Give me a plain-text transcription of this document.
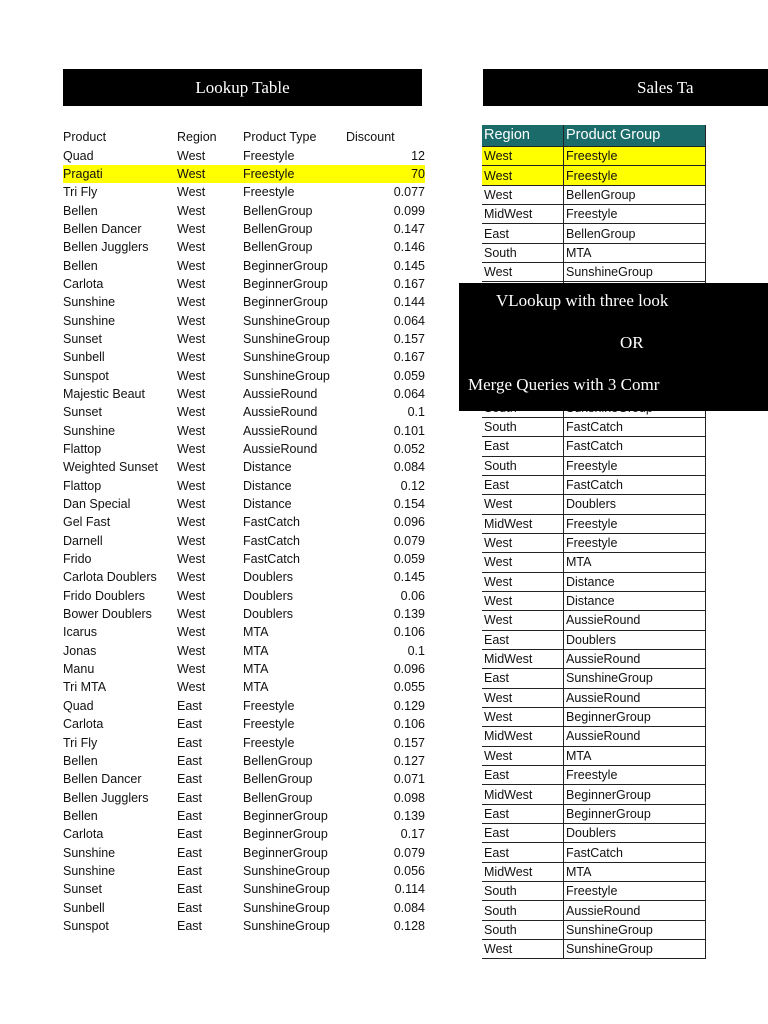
Lookup Table	Sales Ta
Product	Region	Product Type	Discount
Quad	West	Freestyle	12
Pragati	West	Freestyle	70
Tri Fly	West	Freestyle	0.077
Bellen	West	BellenGroup	0.099
Bellen Dancer	West	BellenGroup	0.147
Bellen Jugglers	West	BellenGroup	0.146
Bellen	West	BeginnerGroup	0.145
Carlota	West	BeginnerGroup	0.167
Sunshine	West	BeginnerGroup	0.144
Sunshine	West	SunshineGroup	0.064
Sunset	West	SunshineGroup	0.157
Sunbell	West	SunshineGroup	0.167
Sunspot	West	SunshineGroup	0.059
Majestic Beaut	West	AussieRound	0.064
Sunset	West	AussieRound	0.1
Sunshine	West	AussieRound	0.101
Flattop	West	AussieRound	0.052
Weighted Sunset	West	Distance	0.084
Flattop	West	Distance	0.12
Dan Special	West	Distance	0.154
Gel Fast	West	FastCatch	0.096
Darnell	West	FastCatch	0.079
Frido	West	FastCatch	0.059
Carlota Doublers	West	Doublers	0.145
Frido Doublers	West	Doublers	0.06
Bower Doublers	West	Doublers	0.139
Icarus	West	MTA	0.106
Jonas	West	MTA	0.1
Manu	West	MTA	0.096
Tri MTA	West	MTA	0.055
Quad	East	Freestyle	0.129
Carlota	East	Freestyle	0.106
Tri Fly	East	Freestyle	0.157
Bellen	East	BellenGroup	0.127
Bellen Dancer	East	BellenGroup	0.071
Bellen Jugglers	East	BellenGroup	0.098
Bellen	East	BeginnerGroup	0.139
Carlota	East	BeginnerGroup	0.17
Sunshine	East	BeginnerGroup	0.079
Sunshine	East	SunshineGroup	0.056
Sunset	East	SunshineGroup	0.114
Sunbell	East	SunshineGroup	0.084
Sunspot	East	SunshineGroup	0.128
Region	Product Group
West	Freestyle
West	Freestyle
West	BellenGroup
MidWest	Freestyle
East	BellenGroup
South	MTA
West	SunshineGroup

South	FastCatch
East	FastCatch
South	Freestyle
East	FastCatch
West	Doublers
MidWest	Freestyle
West	Freestyle
West	MTA
West	Distance
West	Distance
West	AussieRound
East	Doublers
MidWest	AussieRound
East	SunshineGroup
West	AussieRound
West	BeginnerGroup
MidWest	AussieRound
West	MTA
East	Freestyle
MidWest	BeginnerGroup
East	BeginnerGroup
East	Doublers
East	FastCatch
MidWest	MTA
South	Freestyle
South	AussieRound
South	SunshineGroup
West	SunshineGroup
VLookup with three look
OR
Merge Queries with 3 Comr
